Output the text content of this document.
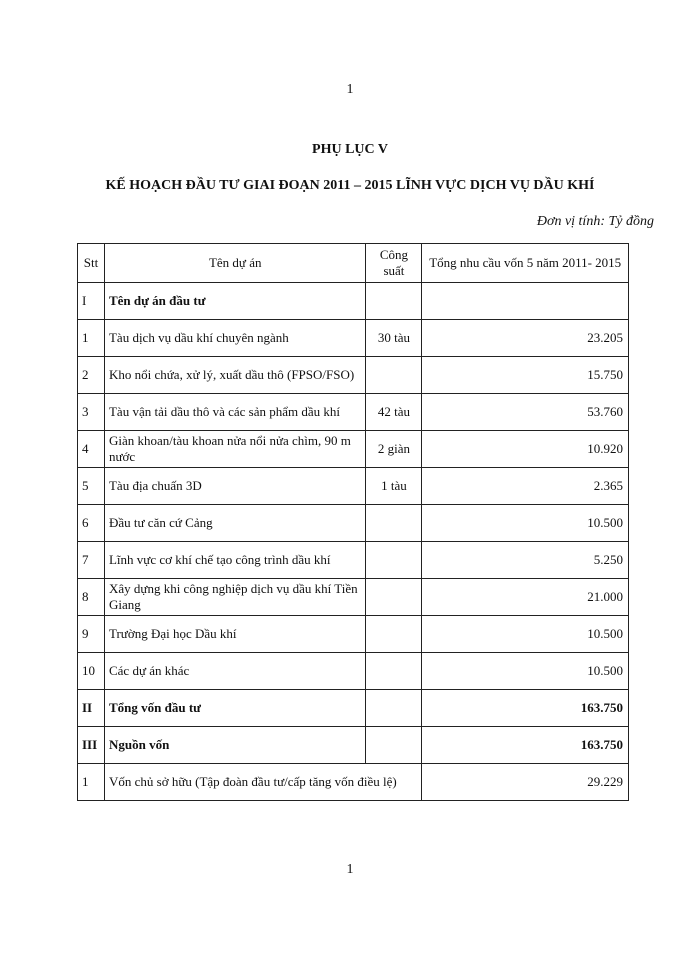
1
PHỤ LỤC V
KẾ HOẠCH ĐẦU TƯ GIAI ĐOẠN 2011 – 2015 LĨNH VỰC DỊCH VỤ DẦU KHÍ
Đơn vị tính: Tỷ đồng
Stt	Tên dự án	Công suất	Tổng nhu cầu vốn 5 năm 2011- 2015
I	Tên dự án đầu tư		
1	Tàu dịch vụ dầu khí chuyên ngành	30 tàu	23.205
2	Kho nổi chứa, xử lý, xuất dầu thô (FPSO/FSO)		15.750
3	Tàu vận tải dầu thô và các sản phẩm dầu khí	42 tàu	53.760
4	Giàn khoan/tàu khoan nửa nổi nửa chìm, 90 m nước	2 giàn	10.920
5	Tàu địa chuấn 3D	1 tàu	2.365
6	Đầu tư căn cứ Cảng		10.500
7	Lĩnh vực cơ khí chế tạo công trình dầu khí		5.250
8	Xây dựng khi công nghiệp dịch vụ dầu khí Tiền Giang		21.000
9	Trường Đại học Dầu khí		10.500
10	Các dự án khác		10.500
II	Tổng vốn đầu tư		163.750
III	Nguồn vốn		163.750
1	Vốn chủ sở hữu (Tập đoàn đầu tư/cấp tăng vốn điều lệ)		29.229
1
